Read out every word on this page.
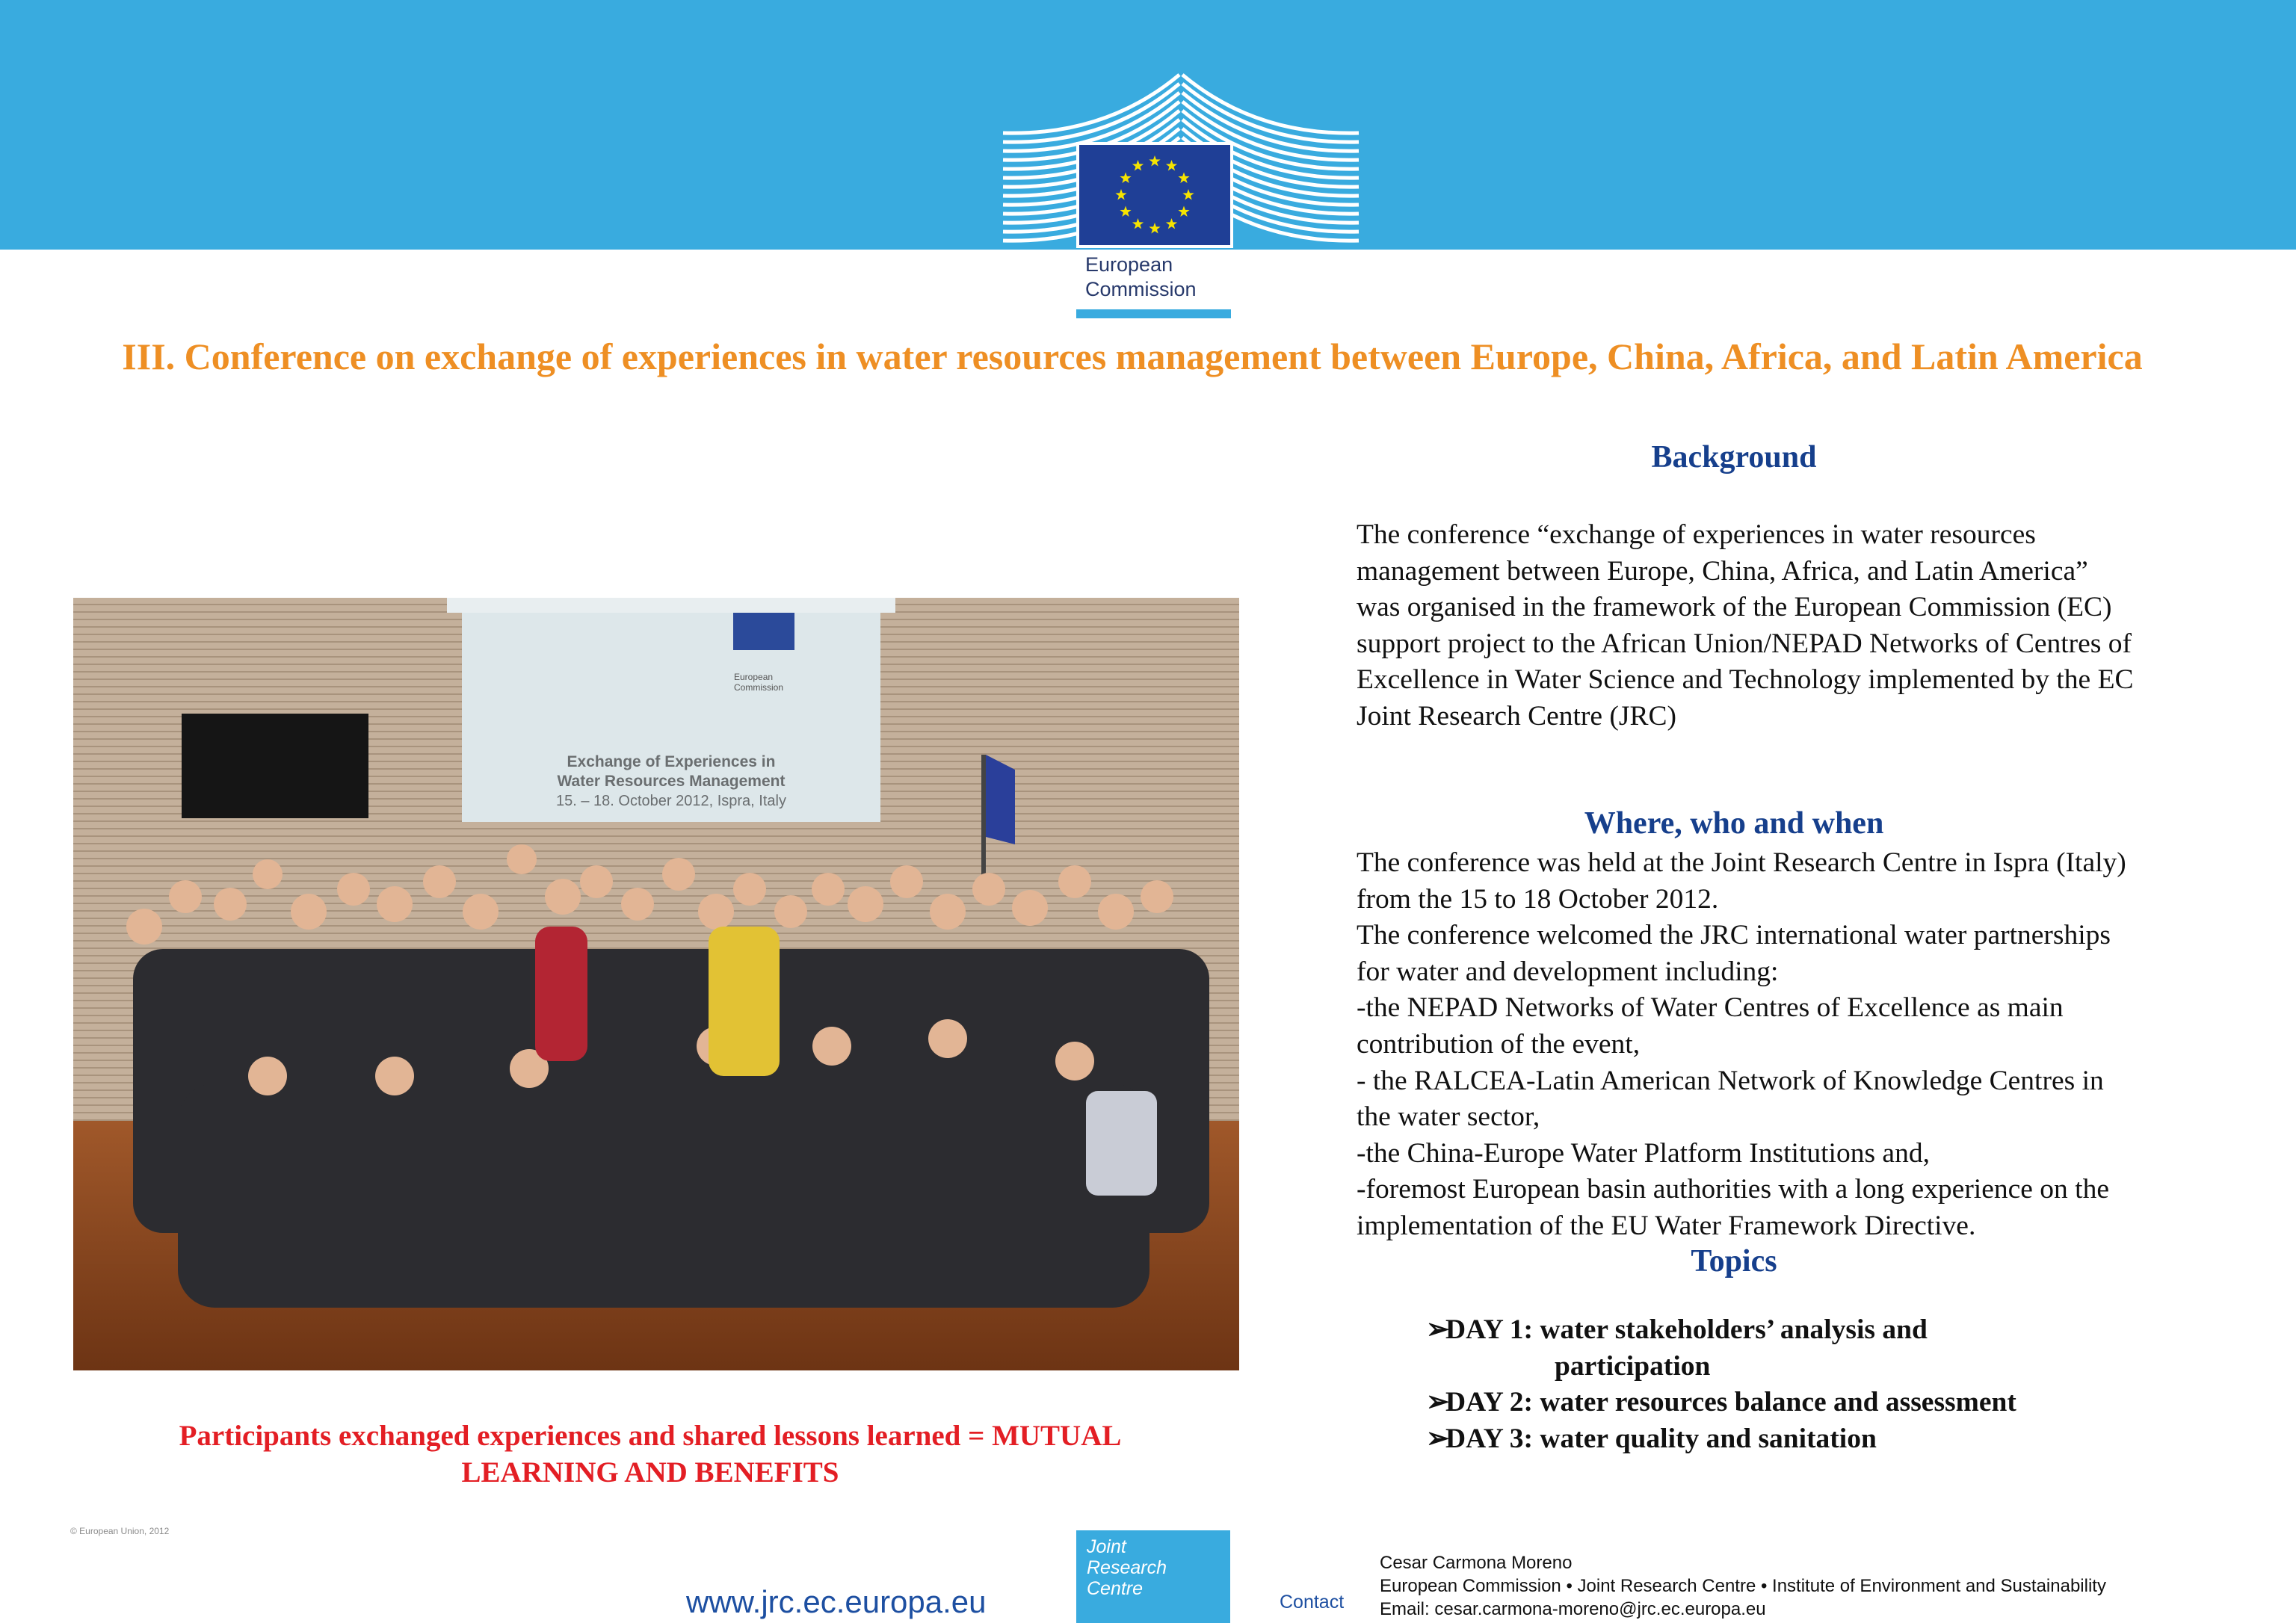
European
Commission
III. Conference on exchange of experiences in water resources management between Europe, China, Africa, and Latin America
Background

The conference “exchange of experiences in water resources management between Europe, China, Africa, and Latin America” was organised in the framework of the European Commission (EC) support project to the African Union/NEPAD Networks of Centres of Excellence in Water Science and Technology implemented by the EC Joint Research Centre (JRC)

Where, who and when

The conference was held at the Joint Research Centre in Ispra (Italy) from the 15 to 18 October 2012.

The conference welcomed the JRC international water partnerships for water and development including:

-the NEPAD Networks of Water Centres of Excellence as main contribution of the event,

- the RALCEA-Latin American Network of Knowledge Centres in the water sector,

-the China-Europe Water Platform Institutions and,

-foremost European basin authorities with a long experience on the implementation of the EU Water Framework Directive.

Topics
➢
DAY 1: water stakeholders’ analysis and
participation
➢
DAY 2: water resources balance and assessment
➢
DAY 3: water quality and sanitation
European
Commission
Exchange of Experiences in
Water Resources Management
15. – 18. October 2012, Ispra, Italy
Participants exchanged experiences and shared lessons learned = MUTUAL LEARNING AND BENEFITS
© European Union, 2012
www.jrc.ec.europa.eu
Joint
Research
Centre
Contact
Cesar Carmona Moreno
European Commission • Joint Research Centre • Institute of Environment and Sustainability
Email: cesar.carmona-moreno@jrc.ec.europa.eu
